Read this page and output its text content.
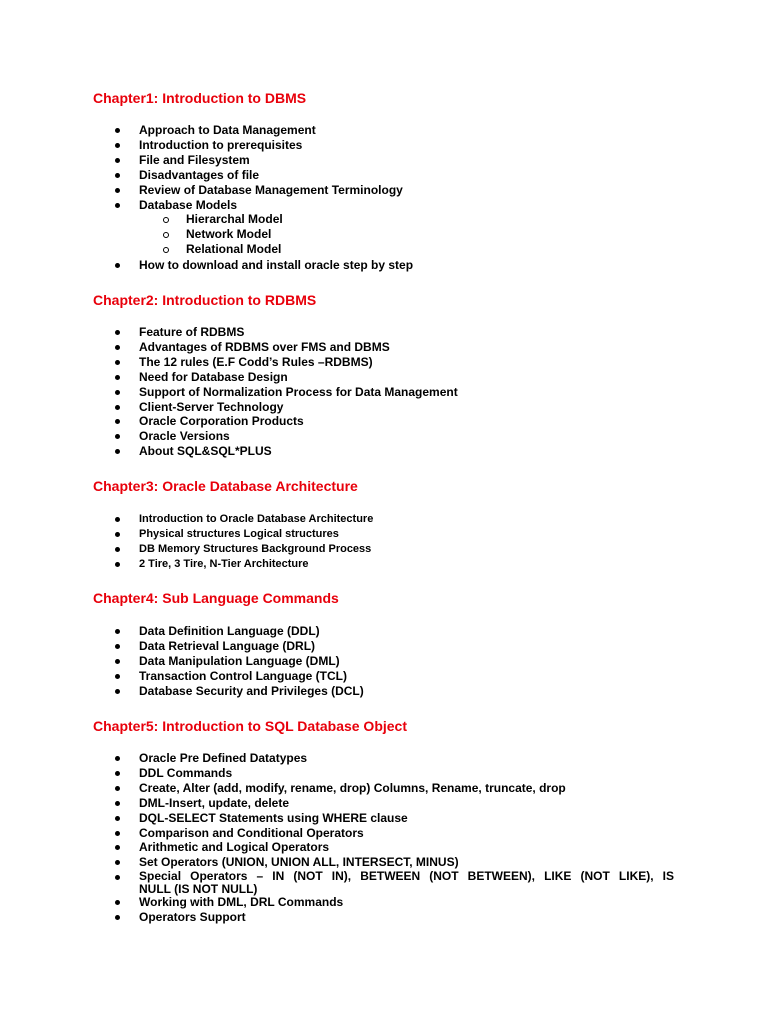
Chapter1: Introduction to DBMS
Approach to Data Management
Introduction to prerequisites
File and Filesystem
Disadvantages of file
Review of Database Management Terminology
Database Models
Hierarchal Model
Network Model
Relational Model
How to download and install oracle step by step
Chapter2: Introduction to RDBMS
Feature of RDBMS
Advantages of RDBMS over FMS and DBMS
The 12 rules (E.F Codd’s Rules –RDBMS)
Need for Database Design
Support of Normalization Process for Data Management
Client-Server Technology
Oracle Corporation Products
Oracle Versions
About SQL&SQL*PLUS
Chapter3: Oracle Database Architecture
Introduction to Oracle Database Architecture
Physical structures Logical structures
DB Memory Structures Background Process
2 Tire, 3 Tire, N-Tier Architecture
Chapter4: Sub Language Commands
Data Definition Language (DDL)
Data Retrieval Language (DRL)
Data Manipulation Language (DML)
Transaction Control Language (TCL)
Database Security and Privileges (DCL)
Chapter5: Introduction to SQL Database Object
Oracle Pre Defined Datatypes
DDL Commands
Create, Alter (add, modify, rename, drop) Columns, Rename, truncate, drop
DML-Insert, update, delete
DQL-SELECT Statements using WHERE clause
Comparison and Conditional Operators
Arithmetic and Logical Operators
Set Operators (UNION, UNION ALL, INTERSECT, MINUS)
Special Operators – IN (NOT IN), BETWEEN (NOT BETWEEN), LIKE (NOT LIKE), IS
NULL (IS NOT NULL)
Working with DML, DRL Commands
Operators Support
